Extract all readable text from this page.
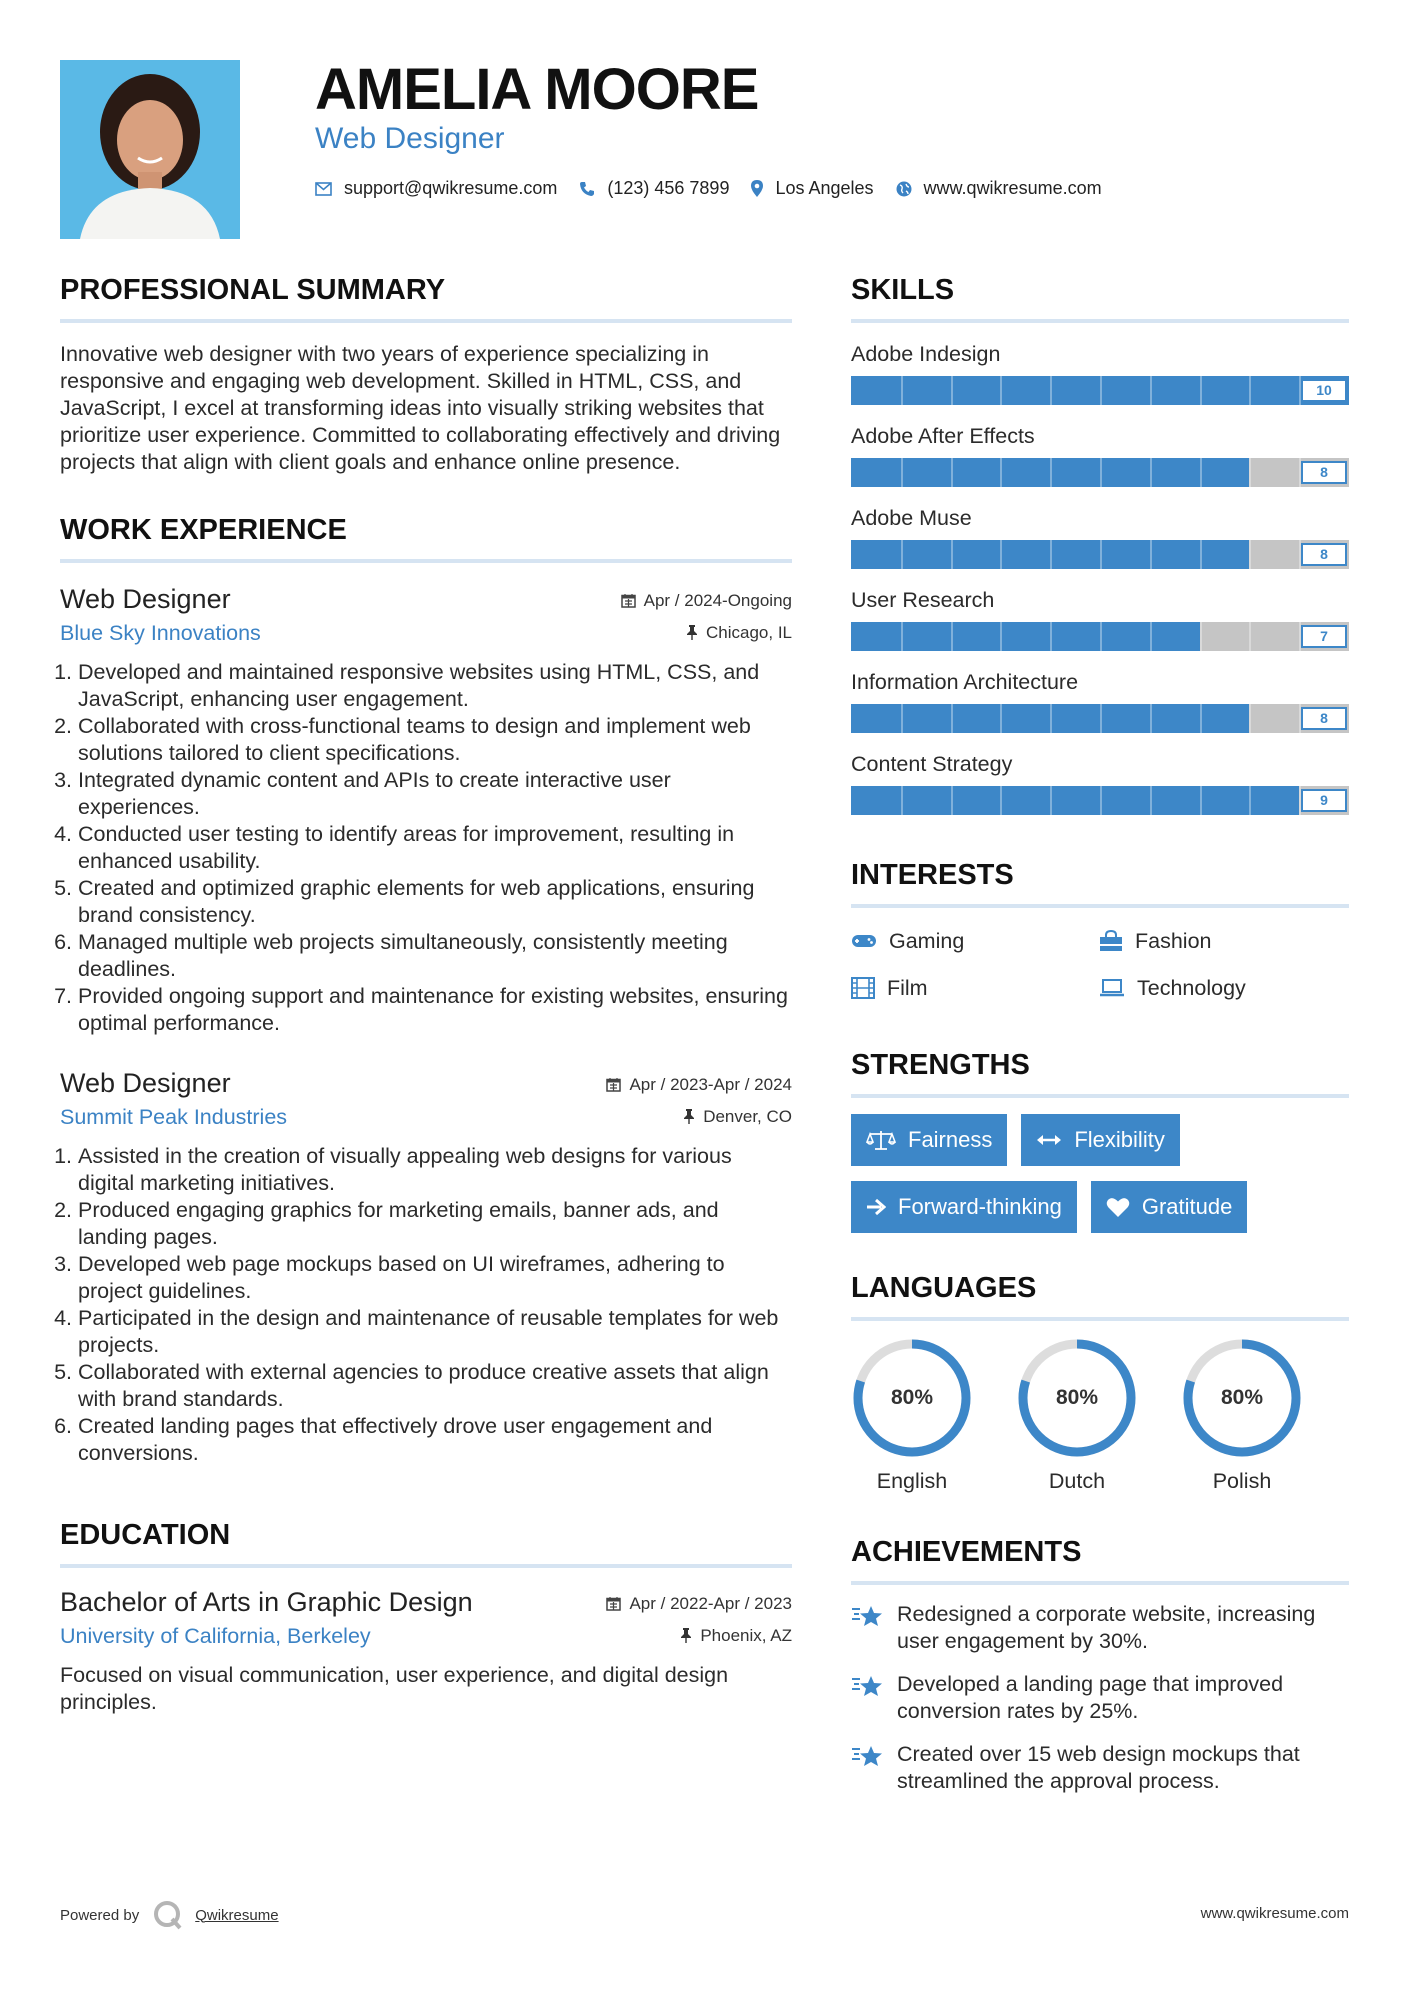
AMELIA MOORE
Web Designer
support@qwikresume.com	(123) 456 7899	Los Angeles	www.qwikresume.com
PROFESSIONAL SUMMARY

Innovative web designer with two years of experience specializing in responsive and engaging web development. Skilled in HTML, CSS, and JavaScript, I excel at transforming ideas into visually striking websites that prioritize user experience. Committed to collaborating effectively and driving projects that align with client goals and enhance online presence.

WORK EXPERIENCE
Web Designer	Apr / 2024-Ongoing
Blue Sky Innovations	Chicago, IL
1. Developed and maintained responsive websites using HTML, CSS, and JavaScript, enhancing user engagement.
2. Collaborated with cross-functional teams to design and implement web solutions tailored to client specifications.
3. Integrated dynamic content and APIs to create interactive user experiences.
4. Conducted user testing to identify areas for improvement, resulting in enhanced usability.
5. Created and optimized graphic elements for web applications, ensuring brand consistency.
6. Managed multiple web projects simultaneously, consistently meeting deadlines.
7. Provided ongoing support and maintenance for existing websites, ensuring optimal performance.
Web Designer	Apr / 2023-Apr / 2024
Summit Peak Industries	Denver, CO
1. Assisted in the creation of visually appealing web designs for various digital marketing initiatives.
2. Produced engaging graphics for marketing emails, banner ads, and landing pages.
3. Developed web page mockups based on UI wireframes, adhering to project guidelines.
4. Participated in the design and maintenance of reusable templates for web projects.
5. Collaborated with external agencies to produce creative assets that align with brand standards.
6. Created landing pages that effectively drove user engagement and conversions.
EDUCATION
Bachelor of Arts in Graphic Design	Apr / 2022-Apr / 2023
University of California, Berkeley	Phoenix, AZ
Focused on visual communication, user experience, and digital design principles.
SKILLS
Adobe Indesign
10
Adobe After Effects
8
Adobe Muse
8
User Research
7
Information Architecture
8
Content Strategy
9
INTERESTS
Gaming	Fashion
Film	Technology
STRENGTHS
Fairness	Flexibility
Forward-thinking	Gratitude
LANGUAGES
80%
English
80%
Dutch
80%
Polish
ACHIEVEMENTS
Redesigned a corporate website, increasing user engagement by 30%.
Developed a landing page that improved conversion rates by 25%.
Created over 15 web design mockups that streamlined the approval process.
Powered by	Qwikresume	www.qwikresume.com
